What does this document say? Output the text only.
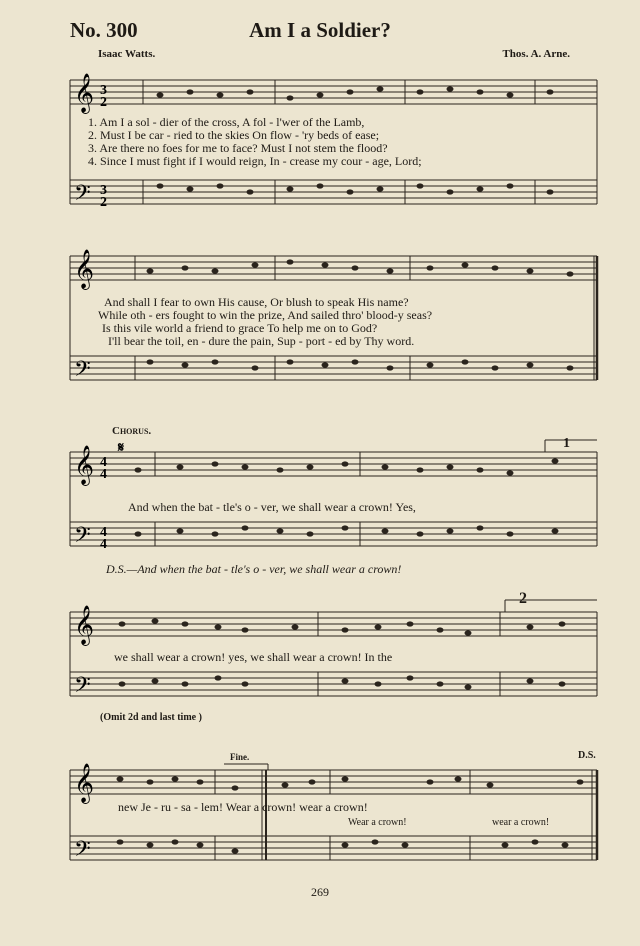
No. 300	Am I a Soldier?
Isaac Watts.	Thos. A. Arne.
𝄞
𝄢
3
2
3
2
1. Am I a sol - dier of the cross, A fol - l'wer of the Lamb,
2. Must I be car - ried to the skies On flow - 'ry beds of ease;
3. Are there no foes for me to face? Must I not stem the flood?
4. Since I must fight if I would reign, In - crease my cour - age, Lord;
𝄞
𝄢
And shall I fear to own His cause, Or blush to speak His name?
While oth - ers fought to win the prize, And sailed thro' blood-y seas?
Is this vile world a friend to grace To help me on to God?
I'll bear the toil, en - dure the pain, Sup - port - ed by Thy word.
Chorus.
𝄋
𝄞
𝄢
4
4
4
4
1
And when the bat - tle's o - ver, we shall wear a crown! Yes,
D.S.—And when the bat - tle's o - ver, we shall wear a crown!
𝄞
𝄢
2
we shall wear a crown! yes, we shall wear a crown! In the
(Omit 2d and last time )
𝄞
𝄢
Fine.	D.S.
new Je - ru - sa - lem! Wear a crown! wear a crown!
Wear a crown!	wear a crown!
269
